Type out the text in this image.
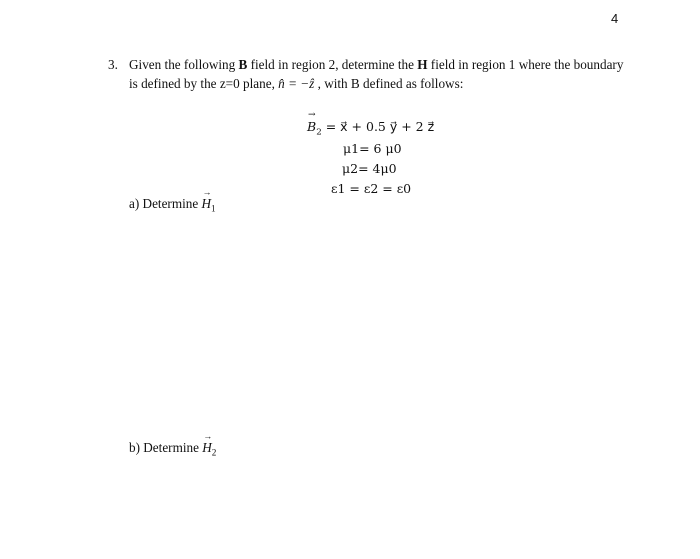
4
3. Given the following B field in region 2, determine the H field in region 1 where the boundary
is defined by the z=0 plane, n̂ = −ẑ , with B defined as follows:
→ $B_2$ = x⃗ + 0.5 y⃗ + 2 z⃗
μ1= 6 μ0
μ2= 4μ0
ε1 = ε2 = ε0
a) Determine → $H_1$
b) Determine → $H_2$
